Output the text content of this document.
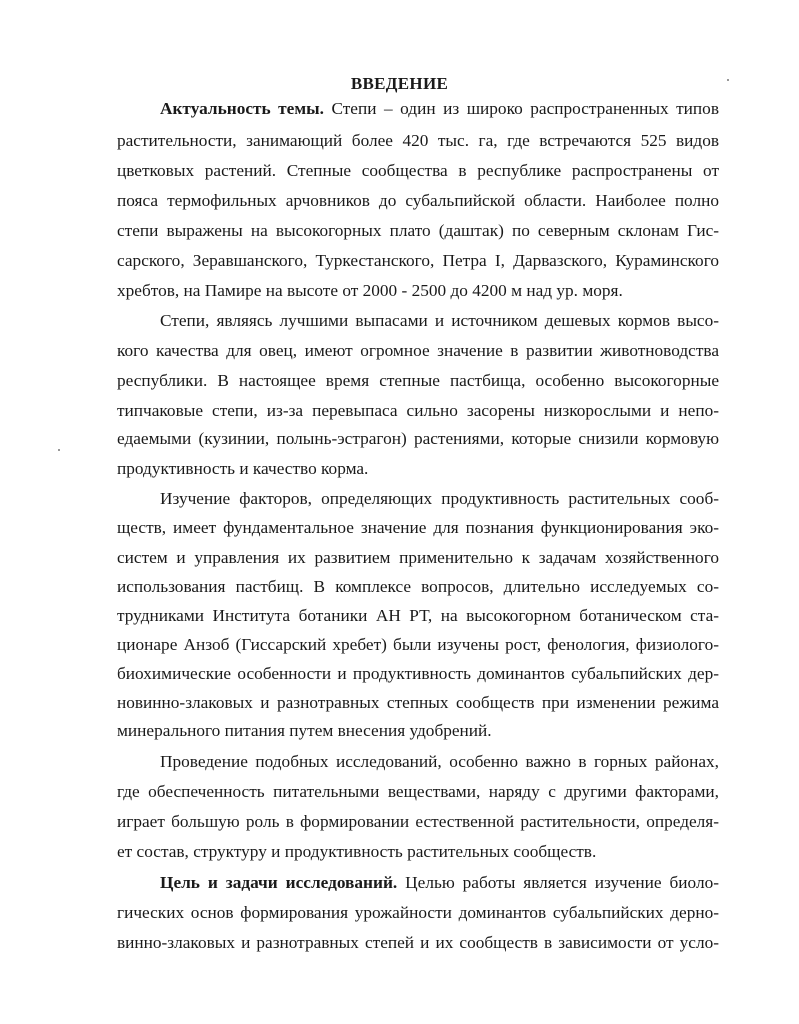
ВВЕДЕНИЕ
Актуальность темы. Степи – один из широко распространенных типов
растительности, занимающий более 420 тыс. га, где встречаются 525 видов
цветковых растений. Степные сообщества в республике распространены от
пояса термофильных арчовников до субальпийской области. Наиболее полно
степи выражены на высокогорных плато (даштак) по северным склонам Гис-
сарского, Зеравшанского, Туркестанского, Петра I, Дарвазского, Кураминского
хребтов, на Памире на высоте от 2000 - 2500 до 4200 м над ур. моря.
Степи, являясь лучшими выпасами и источником дешевых кормов высо-
кого качества для овец, имеют огромное значение в развитии животноводства
республики. В настоящее время степные пастбища, особенно высокогорные
типчаковые степи, из-за перевыпаса сильно засорены низкорослыми и непо-
едаемыми (кузинии, полынь-эстрагон) растениями, которые снизили кормовую
продуктивность и качество корма.
Изучение факторов, определяющих продуктивность растительных сооб-
ществ, имеет фундаментальное значение для познания функционирования эко-
систем и управления их развитием применительно к задачам хозяйственного
использования пастбищ. В комплексе вопросов, длительно исследуемых со-
трудниками Института ботаники АН РТ, на высокогорном ботаническом ста-
ционаре Анзоб (Гиссарский хребет) были изучены рост, фенология, физиолого-
биохимические особенности и продуктивность доминантов субальпийских дер-
новинно-злаковых и разнотравных степных сообществ при изменении режима
минерального питания путем внесения удобрений.
Проведение подобных исследований, особенно важно в горных районах,
где обеспеченность питательными веществами, наряду с другими факторами,
играет большую роль в формировании естественной растительности, определя-
ет состав, структуру и продуктивность растительных сообществ.
Цель и задачи исследований. Целью работы является изучение биоло-
гических основ формирования урожайности доминантов субальпийских дерно-
винно-злаковых и разнотравных степей и их сообществ в зависимости от усло-
